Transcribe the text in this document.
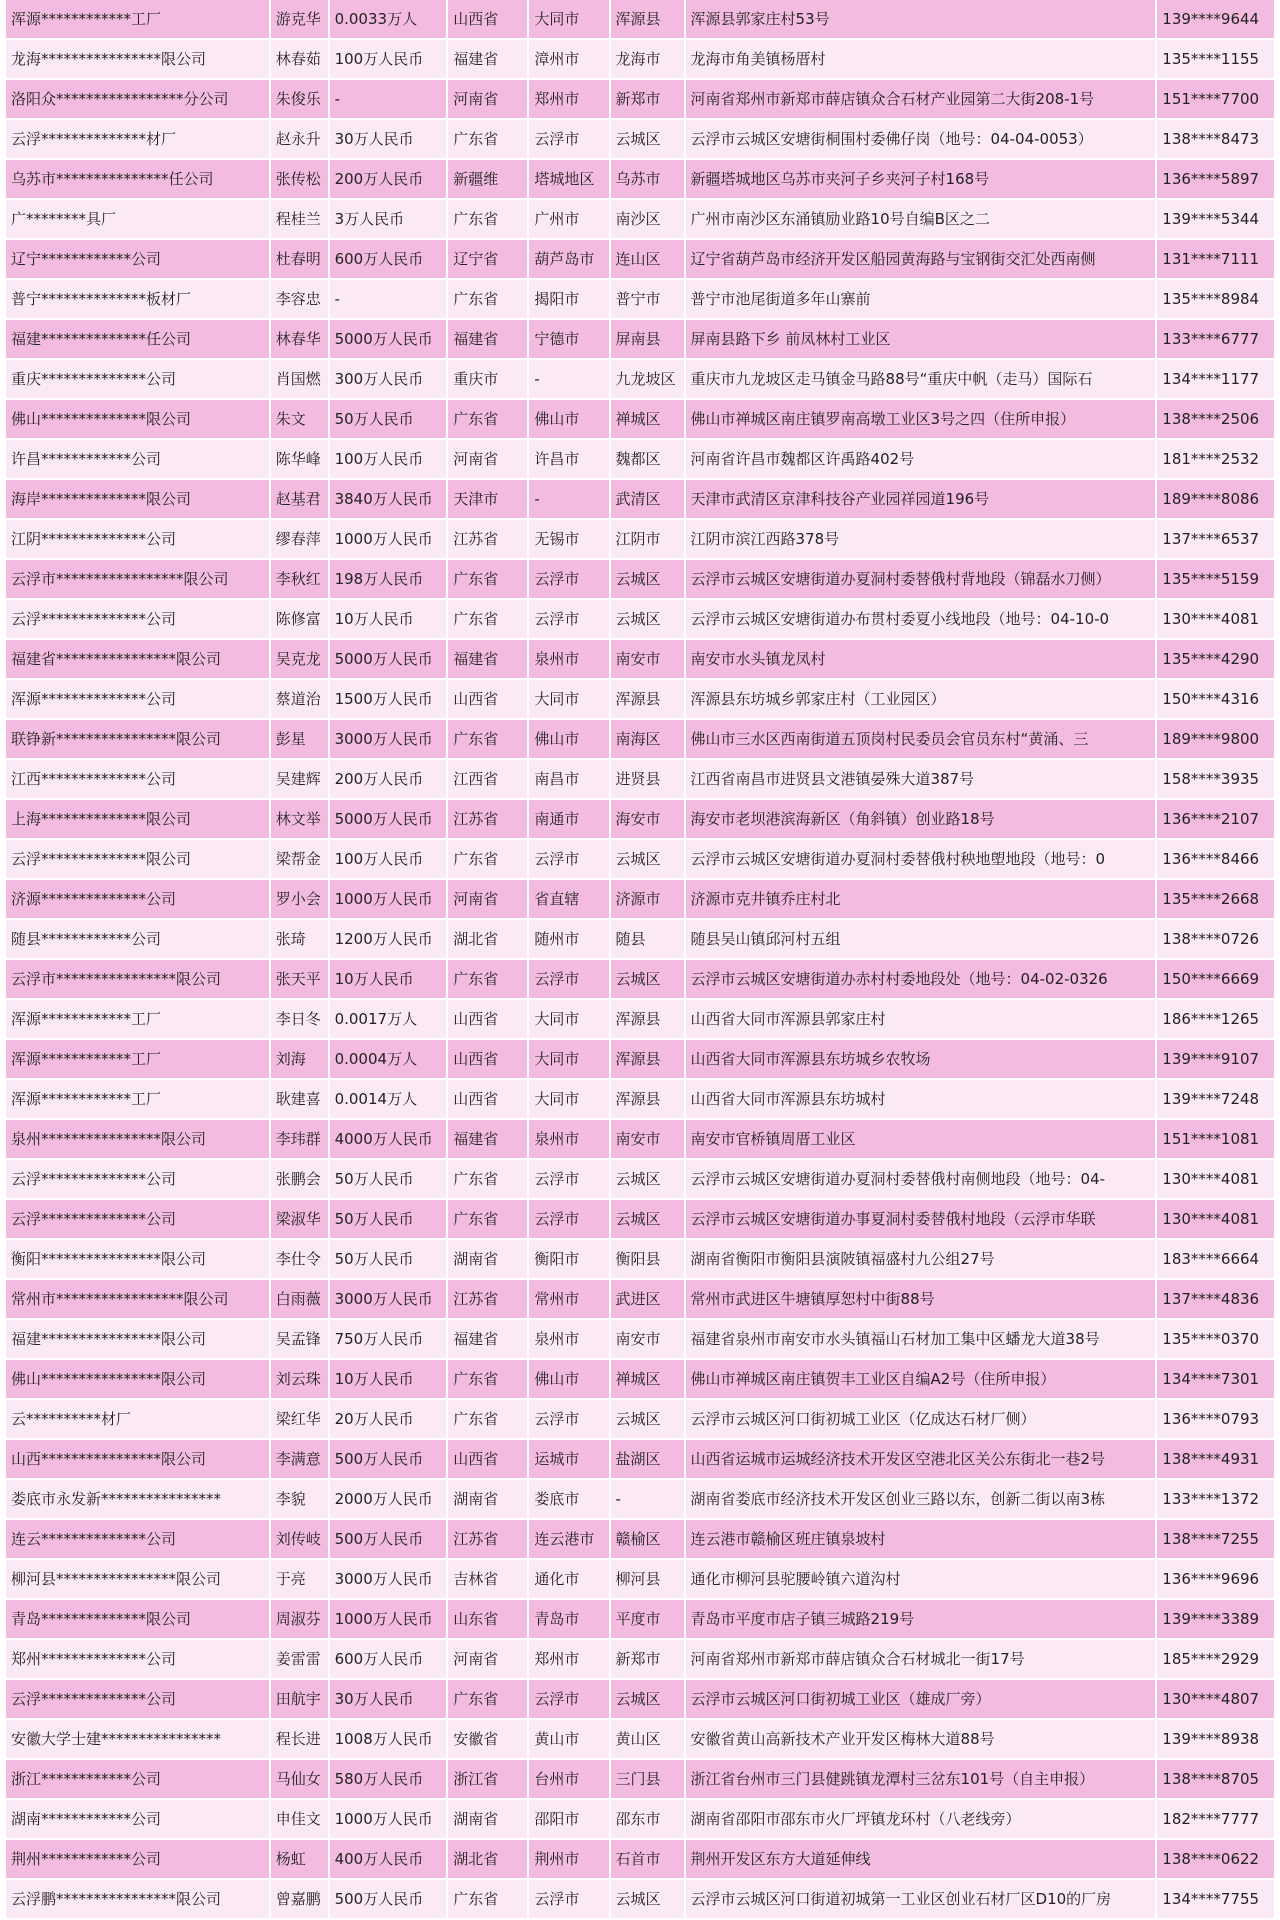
浑源************工厂	游克华	0.0033万人	山西省	大同市	浑源县	浑源县郭家庄村53号	139****9644
龙海****************限公司	林春茹	100万人民币	福建省	漳州市	龙海市	龙海市角美镇杨厝村	135****1155
洛阳众*****************分公司	朱俊乐	-	河南省	郑州市	新郑市	河南省郑州市新郑市薛店镇众合石材产业园第二大街208-1号	151****7700
云浮**************材厂	赵永升	30万人民币	广东省	云浮市	云城区	云浮市云城区安塘街桐围村委佛仔岗（地号：04-04-0053）	138****8473
乌苏市***************任公司	张传松	200万人民币	新疆维	塔城地区	乌苏市	新疆塔城地区乌苏市夹河子乡夹河子村168号	136****5897
广********具厂	程桂兰	3万人民币	广东省	广州市	南沙区	广州市南沙区东涌镇励业路10号自编B区之二	139****5344
辽宁************公司	杜春明	600万人民币	辽宁省	葫芦岛市	连山区	辽宁省葫芦岛市经济开发区船园黄海路与宝钢街交汇处西南侧	131****7111
普宁**************板材厂	李容忠	-	广东省	揭阳市	普宁市	普宁市池尾街道多年山寨前	135****8984
福建**************任公司	林春华	5000万人民币	福建省	宁德市	屏南县	屏南县路下乡 前凤林村工业区	133****6777
重庆**************公司	肖国燃	300万人民币	重庆市	-	九龙坡区	重庆市九龙坡区走马镇金马路88号“重庆中帆（走马）国际石	134****1177
佛山**************限公司	朱文	50万人民币	广东省	佛山市	禅城区	佛山市禅城区南庄镇罗南高墩工业区3号之四（住所申报）	138****2506
许昌************公司	陈华峰	100万人民币	河南省	许昌市	魏都区	河南省许昌市魏都区许禹路402号	181****2532
海岸**************限公司	赵基君	3840万人民币	天津市	-	武清区	天津市武清区京津科技谷产业园祥园道196号	189****8086
江阴**************公司	缪春萍	1000万人民币	江苏省	无锡市	江阴市	江阴市滨江西路378号	137****6537
云浮市*****************限公司	李秋红	198万人民币	广东省	云浮市	云城区	云浮市云城区安塘街道办夏洞村委替俄村背地段（锦磊水刀侧）	135****5159
云浮**************公司	陈修富	10万人民币	广东省	云浮市	云城区	云浮市云城区安塘街道办布贯村委夏小线地段（地号：04-10-0	130****4081
福建省****************限公司	吴克龙	5000万人民币	福建省	泉州市	南安市	南安市水头镇龙凤村	135****4290
浑源**************公司	蔡道治	1500万人民币	山西省	大同市	浑源县	浑源县东坊城乡郭家庄村（工业园区）	150****4316
联铮新****************限公司	彭星	3000万人民币	广东省	佛山市	南海区	佛山市三水区西南街道五顶岗村民委员会官员东村“黄涌、三	189****9800
江西**************公司	吴建辉	200万人民币	江西省	南昌市	进贤县	江西省南昌市进贤县文港镇晏殊大道387号	158****3935
上海**************限公司	林文举	5000万人民币	江苏省	南通市	海安市	海安市老坝港滨海新区（角斜镇）创业路18号	136****2107
云浮**************限公司	梁帮金	100万人民币	广东省	云浮市	云城区	云浮市云城区安塘街道办夏洞村委替俄村秧地塱地段（地号：0	136****8466
济源**************公司	罗小会	1000万人民币	河南省	省直辖	济源市	济源市克井镇乔庄村北	135****2668
随县************公司	张琦	1200万人民币	湖北省	随州市	随县	随县吴山镇邱河村五组	138****0726
云浮市****************限公司	张天平	10万人民币	广东省	云浮市	云城区	云浮市云城区安塘街道办赤村村委地段处（地号：04-02-0326	150****6669
浑源************工厂	李日冬	0.0017万人	山西省	大同市	浑源县	山西省大同市浑源县郭家庄村	186****1265
浑源************工厂	刘海	0.0004万人	山西省	大同市	浑源县	山西省大同市浑源县东坊城乡农牧场	139****9107
浑源************工厂	耿建喜	0.0014万人	山西省	大同市	浑源县	山西省大同市浑源县东坊城村	139****7248
泉州****************限公司	李玮群	4000万人民币	福建省	泉州市	南安市	南安市官桥镇周厝工业区	151****1081
云浮**************公司	张鹏会	50万人民币	广东省	云浮市	云城区	云浮市云城区安塘街道办夏洞村委替俄村南侧地段（地号：04-	130****4081
云浮**************公司	梁淑华	50万人民币	广东省	云浮市	云城区	云浮市云城区安塘街道办事夏洞村委替俄村地段（云浮市华联	130****4081
衡阳****************限公司	李仕令	50万人民币	湖南省	衡阳市	衡阳县	湖南省衡阳市衡阳县演陂镇福盛村九公组27号	183****6664
常州市*****************限公司	白雨薇	3000万人民币	江苏省	常州市	武进区	常州市武进区牛塘镇厚恕村中街88号	137****4836
福建****************限公司	吴孟锋	750万人民币	福建省	泉州市	南安市	福建省泉州市南安市水头镇福山石材加工集中区蟠龙大道38号	135****0370
佛山****************限公司	刘云珠	10万人民币	广东省	佛山市	禅城区	佛山市禅城区南庄镇贺丰工业区自编A2号（住所申报）	134****7301
云**********材厂	梁红华	20万人民币	广东省	云浮市	云城区	云浮市云城区河口街初城工业区（亿成达石材厂侧）	136****0793
山西****************限公司	李满意	500万人民币	山西省	运城市	盐湖区	山西省运城市运城经济技术开发区空港北区关公东街北一巷2号	138****4931
娄底市永发新****************	李貌	2000万人民币	湖南省	娄底市	-	湖南省娄底市经济技术开发区创业三路以东，创新二街以南3栋	133****1372
连云**************公司	刘传岐	500万人民币	江苏省	连云港市	赣榆区	连云港市赣榆区班庄镇泉坡村	138****7255
柳河县****************限公司	于亮	3000万人民币	吉林省	通化市	柳河县	通化市柳河县驼腰岭镇六道沟村	136****9696
青岛**************限公司	周淑芬	1000万人民币	山东省	青岛市	平度市	青岛市平度市店子镇三城路219号	139****3389
郑州**************公司	姜雷雷	600万人民币	河南省	郑州市	新郑市	河南省郑州市新郑市薛店镇众合石材城北一街17号	185****2929
云浮**************公司	田航宇	30万人民币	广东省	云浮市	云城区	云浮市云城区河口街初城工业区（雄成厂旁）	130****4807
安徽大学士建****************	程长进	1008万人民币	安徽省	黄山市	黄山区	安徽省黄山高新技术产业开发区梅林大道88号	139****8938
浙江************公司	马仙女	580万人民币	浙江省	台州市	三门县	浙江省台州市三门县健跳镇龙潭村三岔东101号（自主申报）	138****8705
湖南************公司	申佳文	1000万人民币	湖南省	邵阳市	邵东市	湖南省邵阳市邵东市火厂坪镇龙环村（八老线旁）	182****7777
荆州************公司	杨虹	400万人民币	湖北省	荆州市	石首市	荆州开发区东方大道延伸线	138****0622
云浮鹏****************限公司	曾嘉鹏	500万人民币	广东省	云浮市	云城区	云浮市云城区河口街道初城第一工业区创业石材厂区D10的厂房	134****7755
